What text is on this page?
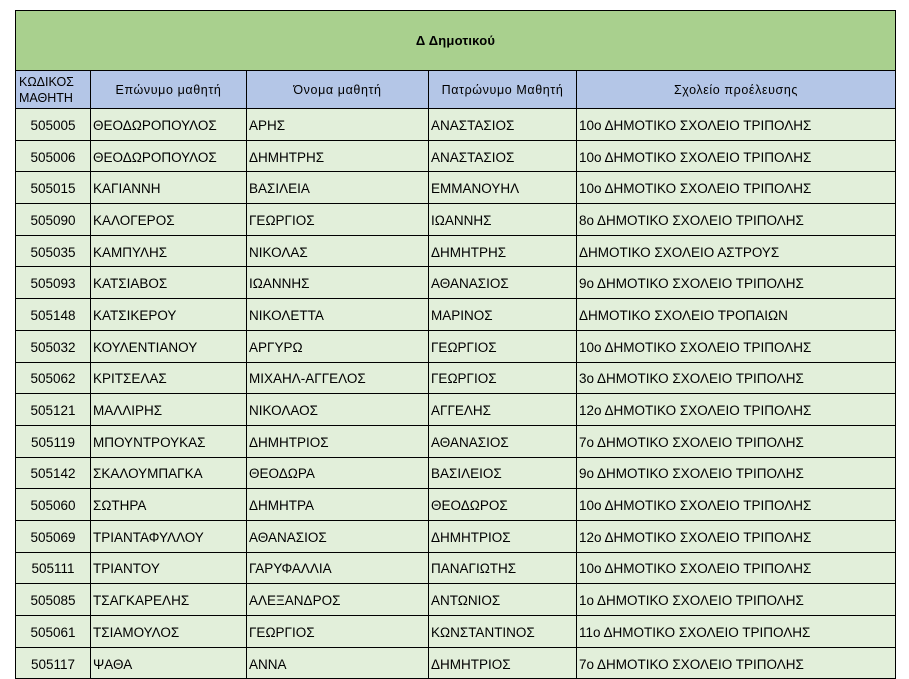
Δ Δημοτικού				
ΚΩΔΙΚΟΣ
ΜΑΘΗΤΗ	Επώνυμο μαθητή	Όνομα μαθητή	Πατρώνυμο Μαθητή	Σχολείο προέλευσης
505005	ΘΕΟΔΩΡΟΠΟΥΛΟΣ	ΑΡΗΣ	ΑΝΑΣΤΑΣΙΟΣ	10ο ΔΗΜΟΤΙΚΟ ΣΧΟΛΕΙΟ ΤΡΙΠΟΛΗΣ
505006	ΘΕΟΔΩΡΟΠΟΥΛΟΣ	ΔΗΜΗΤΡΗΣ	ΑΝΑΣΤΑΣΙΟΣ	10ο ΔΗΜΟΤΙΚΟ ΣΧΟΛΕΙΟ ΤΡΙΠΟΛΗΣ
505015	ΚΑΓΙΑΝΝΗ	ΒΑΣΙΛΕΙΑ	ΕΜΜΑΝΟΥΗΛ	10ο ΔΗΜΟΤΙΚΟ ΣΧΟΛΕΙΟ ΤΡΙΠΟΛΗΣ
505090	ΚΑΛΟΓΕΡΟΣ	ΓΕΩΡΓΙΟΣ	ΙΩΑΝΝΗΣ	8ο ΔΗΜΟΤΙΚΟ ΣΧΟΛΕΙΟ ΤΡΙΠΟΛΗΣ
505035	ΚΑΜΠΥΛΗΣ	ΝΙΚΟΛΑΣ	ΔΗΜΗΤΡΗΣ	ΔΗΜΟΤΙΚΟ ΣΧΟΛΕΙΟ ΑΣΤΡΟΥΣ
505093	ΚΑΤΣΙΑΒΟΣ	ΙΩΑΝΝΗΣ	ΑΘΑΝΑΣΙΟΣ	9ο ΔΗΜΟΤΙΚΟ ΣΧΟΛΕΙΟ ΤΡΙΠΟΛΗΣ
505148	ΚΑΤΣΙΚΕΡΟΥ	ΝΙΚΟΛΕΤΤΑ	ΜΑΡΙΝΟΣ	ΔΗΜΟΤΙΚΟ ΣΧΟΛΕΙΟ ΤΡΟΠΑΙΩΝ
505032	ΚΟΥΛΕΝΤΙΑΝΟΥ	ΑΡΓΥΡΩ	ΓΕΩΡΓΙΟΣ	10ο ΔΗΜΟΤΙΚΟ ΣΧΟΛΕΙΟ ΤΡΙΠΟΛΗΣ
505062	ΚΡΙΤΣΕΛΑΣ	ΜΙΧΑΗΛ-ΑΓΓΕΛΟΣ	ΓΕΩΡΓΙΟΣ	3ο ΔΗΜΟΤΙΚΟ ΣΧΟΛΕΙΟ ΤΡΙΠΟΛΗΣ
505121	ΜΑΛΛΙΡΗΣ	ΝΙΚΟΛΑΟΣ	ΑΓΓΕΛΗΣ	12ο ΔΗΜΟΤΙΚΟ ΣΧΟΛΕΙΟ ΤΡΙΠΟΛΗΣ
505119	ΜΠΟΥΝΤΡΟΥΚΑΣ	ΔΗΜΗΤΡΙΟΣ	ΑΘΑΝΑΣΙΟΣ	7ο ΔΗΜΟΤΙΚΟ ΣΧΟΛΕΙΟ ΤΡΙΠΟΛΗΣ
505142	ΣΚΑΛΟΥΜΠΑΓΚΑ	ΘΕΟΔΩΡΑ	ΒΑΣΙΛΕΙΟΣ	9ο ΔΗΜΟΤΙΚΟ ΣΧΟΛΕΙΟ ΤΡΙΠΟΛΗΣ
505060	ΣΩΤΗΡΑ	ΔΗΜΗΤΡΑ	ΘΕΟΔΩΡΟΣ	10ο ΔΗΜΟΤΙΚΟ ΣΧΟΛΕΙΟ ΤΡΙΠΟΛΗΣ
505069	ΤΡΙΑΝΤΑΦΥΛΛΟΥ	ΑΘΑΝΑΣΙΟΣ	ΔΗΜΗΤΡΙΟΣ	12ο ΔΗΜΟΤΙΚΟ ΣΧΟΛΕΙΟ ΤΡΙΠΟΛΗΣ
505111	ΤΡΙΑΝΤΟΥ	ΓΑΡΥΦΑΛΛΙΑ	ΠΑΝΑΓΙΩΤΗΣ	10ο ΔΗΜΟΤΙΚΟ ΣΧΟΛΕΙΟ ΤΡΙΠΟΛΗΣ
505085	ΤΣΑΓΚΑΡΕΛΗΣ	ΑΛΕΞΑΝΔΡΟΣ	ΑΝΤΩΝΙΟΣ	1ο ΔΗΜΟΤΙΚΟ ΣΧΟΛΕΙΟ ΤΡΙΠΟΛΗΣ
505061	ΤΣΙΑΜΟΥΛΟΣ	ΓΕΩΡΓΙΟΣ	ΚΩΝΣΤΑΝΤΙΝΟΣ	11ο ΔΗΜΟΤΙΚΟ ΣΧΟΛΕΙΟ ΤΡΙΠΟΛΗΣ
505117	ΨΑΘΑ	ΑΝΝΑ	ΔΗΜΗΤΡΙΟΣ	7ο ΔΗΜΟΤΙΚΟ ΣΧΟΛΕΙΟ ΤΡΙΠΟΛΗΣ
